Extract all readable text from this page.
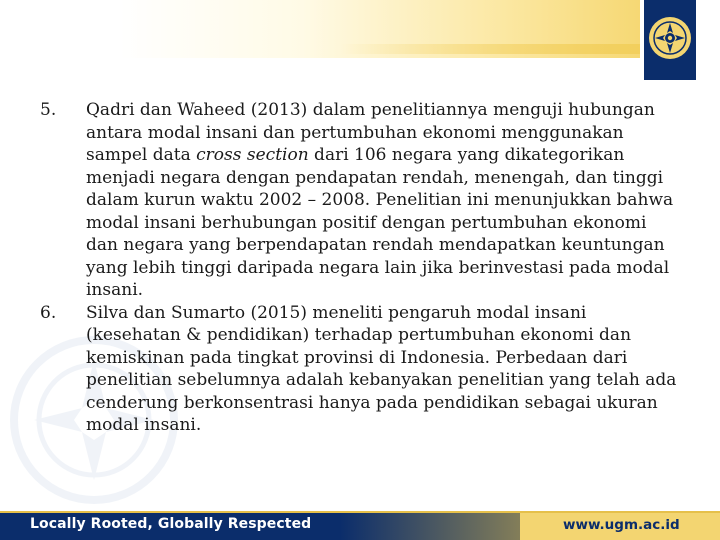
5. Qadri dan Waheed (2013) dalam penelitiannya menguji hubungan antara modal insani dan pertumbuhan ekonomi menggunakan sampel data cross section dari 106 negara yang dikategorikan menjadi negara dengan pendapatan rendah, menengah, dan tinggi dalam kurun waktu 2002 – 2008. Penelitian ini menunjukkan bahwa modal insani berhubungan positif dengan pertumbuhan ekonomi dan negara yang berpendapatan rendah mendapatkan keuntungan yang lebih tinggi daripada negara lain jika berinvestasi pada modal insani.
6. Silva dan Sumarto (2015) meneliti pengaruh modal insani (kesehatan & pendidikan) terhadap pertumbuhan ekonomi dan kemiskinan pada tingkat provinsi di Indonesia. Perbedaan dari penelitian sebelumnya adalah kebanyakan penelitian yang telah ada cenderung berkonsentrasi hanya pada pendidikan sebagai ukuran modal insani.
Locally Rooted, Globally Respected	www.ugm.ac.id
